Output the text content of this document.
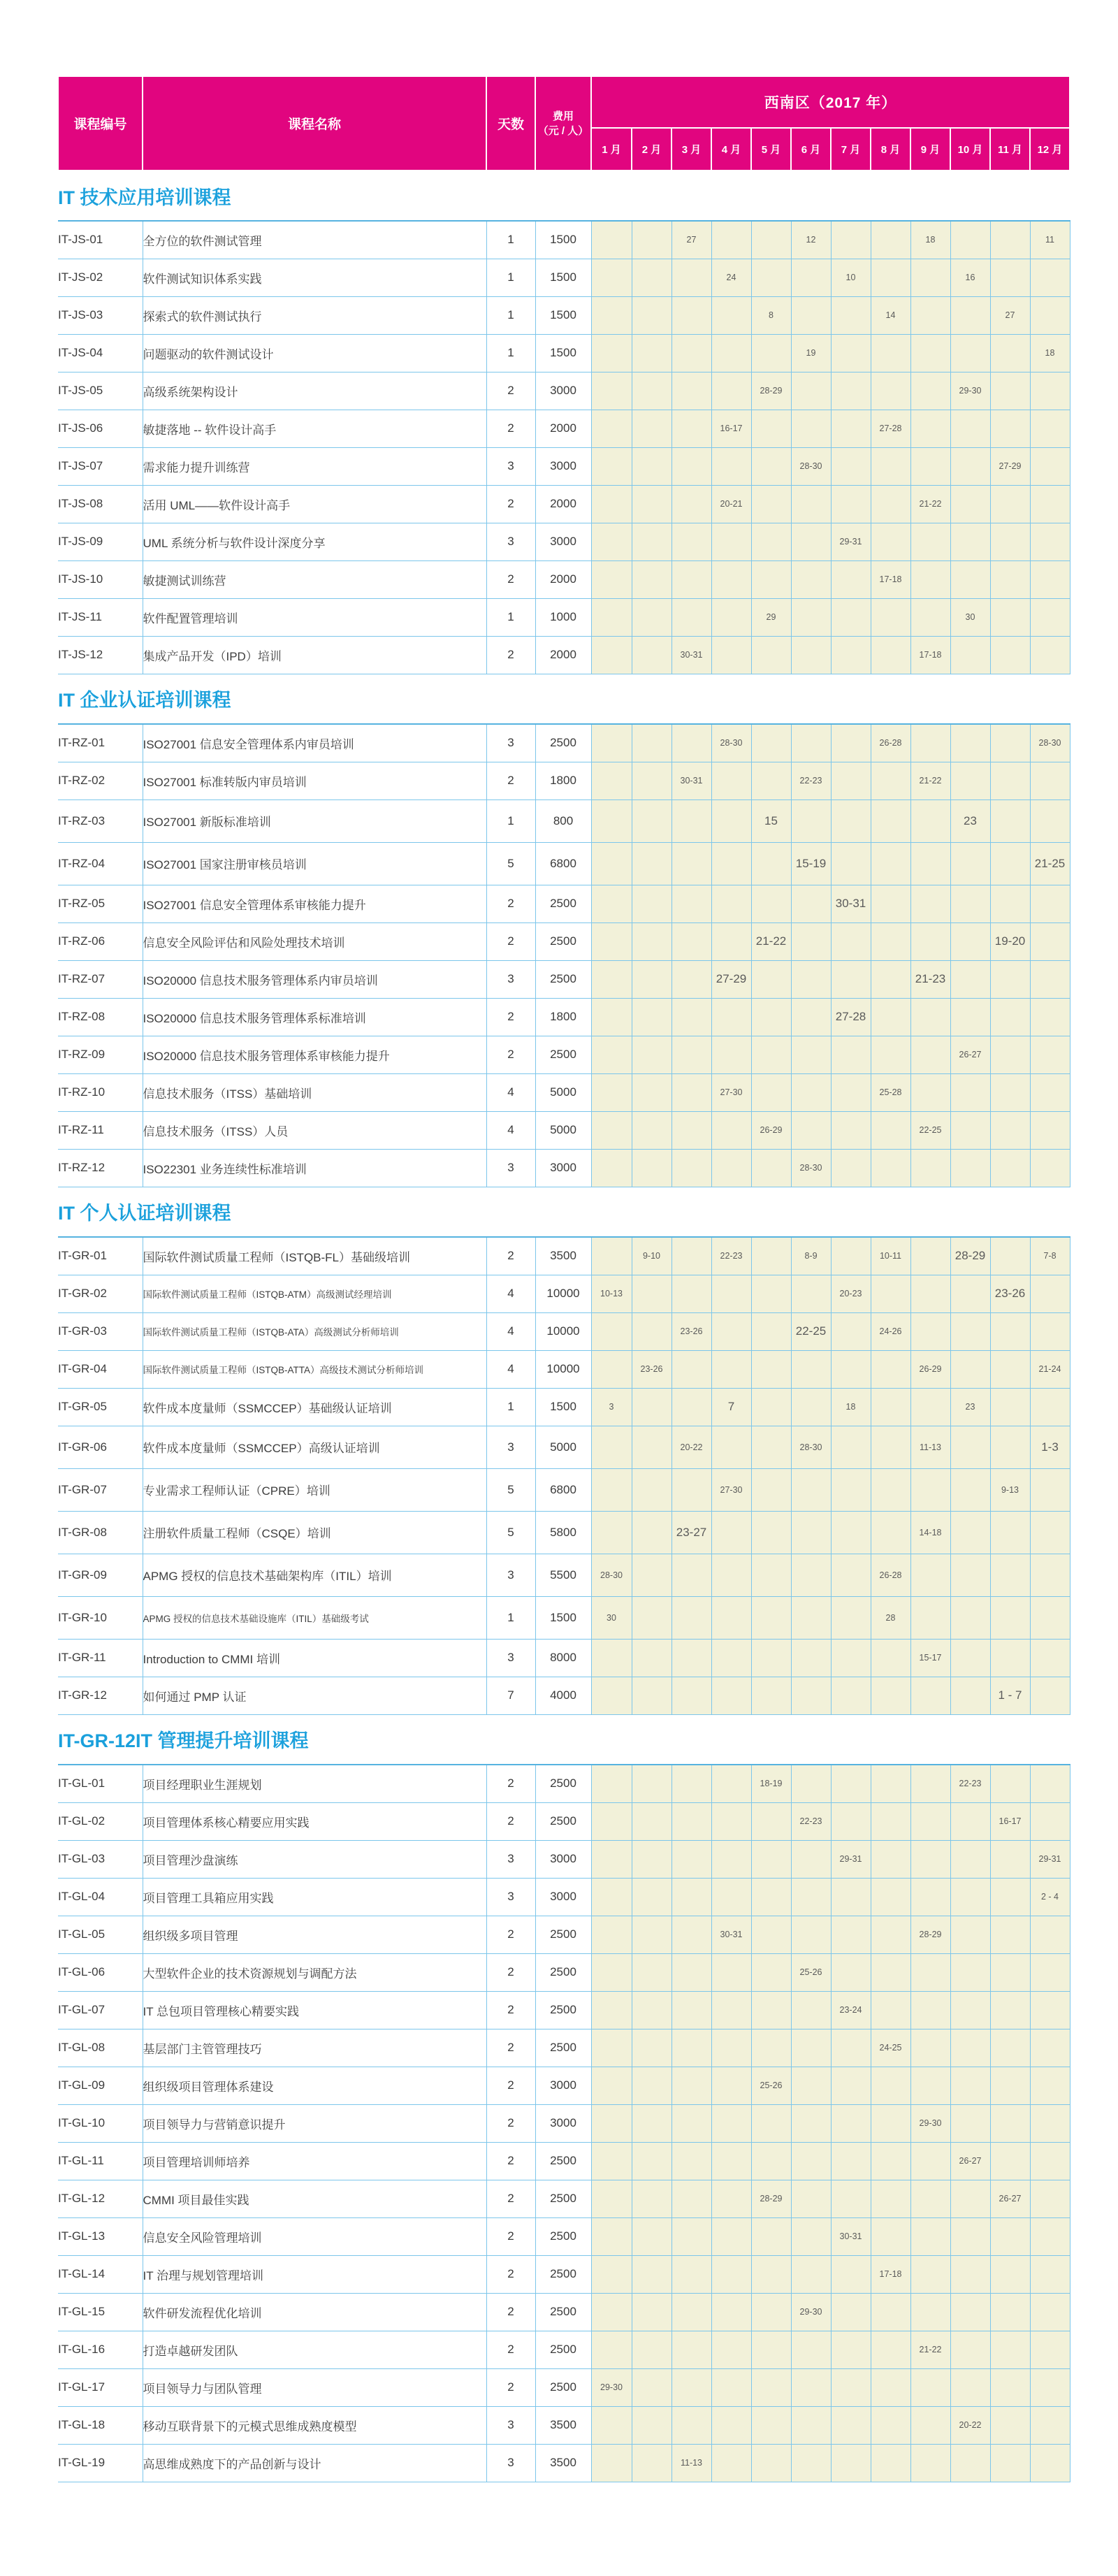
课程编号	课程名称	天数	费用
（元 / 人）	西南区（2017 年）											
				1 月	2 月	3 月	4 月	5 月	6 月	7 月	8 月	9 月	10 月	11 月	12 月
IT 技术应用培训课程															
IT-JS-01	全方位的软件测试管理	1	1500			27			12			18			11
IT-JS-02	软件测试知识体系实践	1	1500				24			10			16		
IT-JS-03	探索式的软件测试执行	1	1500					8			14			27	
IT-JS-04	问题驱动的软件测试设计	1	1500						19						18
IT-JS-05	高级系统架构设计	2	3000					28-29					29-30		
IT-JS-06	敏捷落地 -- 软件设计高手	2	2000				16-17				27-28				
IT-JS-07	需求能力提升训练营	3	3000						28-30					27-29	
IT-JS-08	活用 UML——软件设计高手	2	2000				20-21					21-22			
IT-JS-09	UML 系统分析与软件设计深度分享	3	3000							29-31					
IT-JS-10	敏捷测试训练营	2	2000								17-18				
IT-JS-11	软件配置管理培训	1	1000					29					30		
IT-JS-12	集成产品开发（IPD）培训	2	2000			30-31						17-18			
IT 企业认证培训课程															
IT-RZ-01	ISO27001 信息安全管理体系内审员培训	3	2500				28-30				26-28				28-30
IT-RZ-02	ISO27001 标准转版内审员培训	2	1800			30-31			22-23			21-22			
IT-RZ-03	ISO27001 新版标准培训	1	800					15					23		
IT-RZ-04	ISO27001 国家注册审核员培训	5	6800						15-19						21-25
IT-RZ-05	ISO27001 信息安全管理体系审核能力提升	2	2500							30-31					
IT-RZ-06	信息安全风险评估和风险处理技术培训	2	2500					21-22						19-20	
IT-RZ-07	ISO20000 信息技术服务管理体系内审员培训	3	2500				27-29					21-23			
IT-RZ-08	ISO20000 信息技术服务管理体系标准培训	2	1800							27-28					
IT-RZ-09	ISO20000 信息技术服务管理体系审核能力提升	2	2500										26-27		
IT-RZ-10	信息技术服务（ITSS）基础培训	4	5000				27-30				25-28				
IT-RZ-11	信息技术服务（ITSS）人员	4	5000					26-29				22-25			
IT-RZ-12	ISO22301 业务连续性标准培训	3	3000						28-30						
IT 个人认证培训课程															
IT-GR-01	国际软件测试质量工程师（ISTQB-FL）基础级培训	2	3500		9-10		22-23		8-9		10-11		28-29		7-8
IT-GR-02	国际软件测试质量工程师（ISTQB-ATM）高级测试经理培训	4	10000	10-13						20-23				23-26	
IT-GR-03	国际软件测试质量工程师（ISTQB-ATA）高级测试分析师培训	4	10000			23-26			22-25		24-26				
IT-GR-04	国际软件测试质量工程师（ISTQB-ATTA）高级技术测试分析师培训	4	10000		23-26							26-29			21-24
IT-GR-05	软件成本度量师（SSMCCEP）基础级认证培训	1	1500	3			7			18			23		
IT-GR-06	软件成本度量师（SSMCCEP）高级认证培训	3	5000			20-22			28-30			11-13			1-3
IT-GR-07	专业需求工程师认证（CPRE）培训	5	6800				27-30							9-13	
IT-GR-08	注册软件质量工程师（CSQE）培训	5	5800			23-27						14-18			
IT-GR-09	APMG 授权的信息技术基础架构库（ITIL）培训	3	5500	28-30							26-28				
IT-GR-10	APMG 授权的信息技术基础设施库（ITIL）基础级考试	1	1500	30							28				
IT-GR-11	Introduction to CMMI 培训	3	8000									15-17			
IT-GR-12	如何通过 PMP 认证	7	4000											1 - 7	
IT-GR-12IT 管理提升培训课程															
IT-GL-01	项目经理职业生涯规划	2	2500					18-19					22-23		
IT-GL-02	项目管理体系核心精要应用实践	2	2500						22-23					16-17	
IT-GL-03	项目管理沙盘演练	3	3000							29-31					29-31
IT-GL-04	项目管理工具箱应用实践	3	3000												2 - 4
IT-GL-05	组织级多项目管理	2	2500				30-31					28-29			
IT-GL-06	大型软件企业的技术资源规划与调配方法	2	2500						25-26						
IT-GL-07	IT 总包项目管理核心精要实践	2	2500							23-24					
IT-GL-08	基层部门主管管理技巧	2	2500								24-25				
IT-GL-09	组织级项目管理体系建设	2	3000					25-26							
IT-GL-10	项目领导力与营销意识提升	2	3000									29-30			
IT-GL-11	项目管理培训师培养	2	2500										26-27		
IT-GL-12	CMMI 项目最佳实践	2	2500					28-29						26-27	
IT-GL-13	信息安全风险管理培训	2	2500							30-31					
IT-GL-14	IT 治理与规划管理培训	2	2500								17-18				
IT-GL-15	软件研发流程优化培训	2	2500						29-30						
IT-GL-16	打造卓越研发团队	2	2500									21-22			
IT-GL-17	项目领导力与团队管理	2	2500	29-30											
IT-GL-18	移动互联背景下的元模式思维成熟度模型	3	3500										20-22		
IT-GL-19	高思维成熟度下的产品创新与设计	3	3500			11-13									
